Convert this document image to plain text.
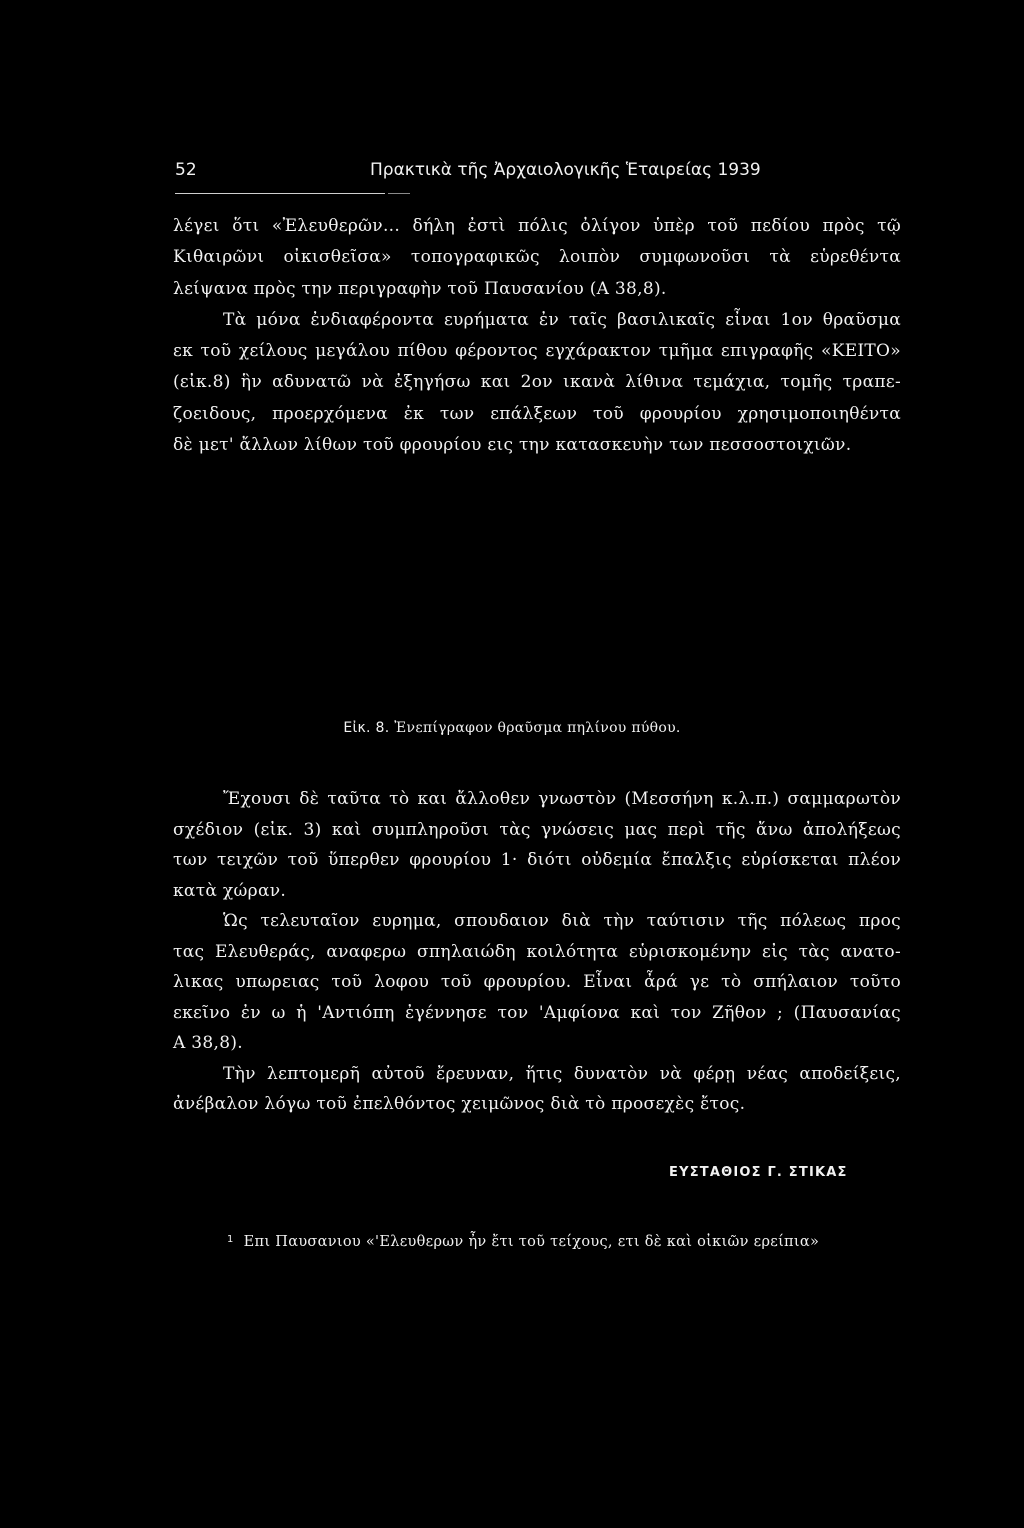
52	Πρακτικὰ τῆς Ἀρχαιολογικῆς Ἑταιρείας 1939
λέγει ὅτι «Ἐλευθερῶν... δήλη ἐστὶ πόλις ὀλίγον ὑπὲρ τοῦ πεδίου πρὸς τῷ
Κιθαιρῶνι οἰκισθεῖσα» τοπογραφικῶς λοιπὸν συμφωνοῦσι τὰ εὑρεθέντα
λείψανα πρὸς την περιγραφὴν τοῦ Παυσανίου (Α 38,8).
Τὰ μόνα ἐνδιαφέροντα ευρήματα ἐν ταῖς βασιλικαῖς εἶναι 1ον θραῦσμα
εκ τοῦ χείλους μεγάλου πίθου φέροντος εγχάρακτον τμῆμα επιγραφῆς «ΚΕΙΤΟ»
(εἰκ.8) ἣν αδυνατῶ νὰ ἐξηγήσω και 2ον ικανὰ λίθινα τεμάχια, τομῆς τραπε-
ζοειδους, προερχόμενα ἐκ των επάλξεων τοῦ φρουρίου χρησιμοποιηθέντα
δὲ μετ' ἄλλων λίθων τοῦ φρουρίου εις την κατασκευὴν των πεσσοστοιχιῶν.
Εἰκ. 8. Ἐνεπίγραφον θραῦσμα πηλίνου πύθου.
Ἔχουσι δὲ ταῦτα τὸ και ἄλλοθεν γνωστὸν (Μεσσήνη κ.λ.π.) σαμμαρωτὸν
σχέδιον (εἰκ. 3) καὶ συμπληροῦσι τὰς γνώσεις μας περὶ τῆς ἄνω ἀπολήξεως
των τειχῶν τοῦ ὕπερθεν φρουρίου 1· διότι οὐδεμία ἔπαλξις εὑρίσκεται πλέον
κατὰ χώραν.
Ὡς τελευταῖον ευρημα, σπουδαιον διὰ τὴν ταύτισιν τῆς πόλεως προς
τας Ελευθεράς, αναφερω σπηλαιώδη κοιλότητα εὑρισκομένην εἰς τὰς ανατο-
λικας υπωρειας τοῦ λοφου τοῦ φρουρίου. Εἶναι ἆρά γε τὸ σπήλαιον τοῦτο
εκεῖνο ἐν ω ἡ 'Αντιόπη ἐγέννησε τον 'Αμφίονα καὶ τον Ζῆθον ; (Παυσανίας
Α 38,8).
Τὴν λεπτομερῆ αὐτοῦ ἔρευναν, ἥτις δυνατὸν νὰ φέρῃ νέας αποδείξεις,
ἀνέβαλον λόγω τοῦ ἐπελθόντος χειμῶνος διὰ τὸ προσεχὲς ἔτος.
ΕΥΣΤΑΘΙΟΣ Γ. ΣΤΙΚΑΣ
$^1$ Επι Παυσανιου «'Ελευθερων ἦν ἔτι τοῦ τείχους, ετι δὲ καὶ οἰκιῶν ερείπια»
